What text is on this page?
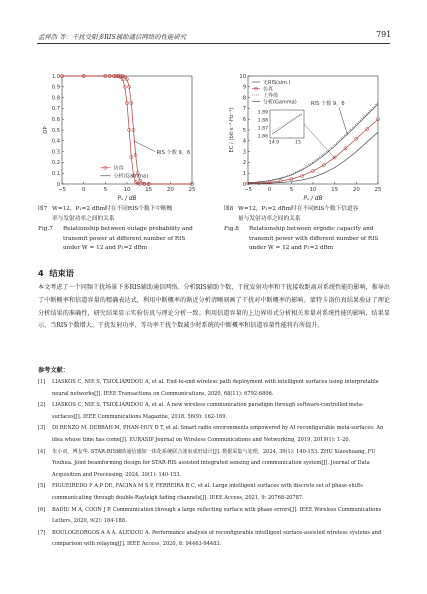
孟祥浩 等：干扰受限多RIS辅助通信网络的性能研究	791
−5	0	5	10	15	20	25
0
0.1
0.2
0.3
0.4
0.5
0.6
0.7
0.8
0.9
1.0
Pₛ / dB
OP
RIS 个数 9，6
仿真
分析(Gamma)
−5	0	5	10	15	20	25
0
1
2
3
4
5
6
7
8
9
10
Pₛ / dB
EC / (bit·s⁻¹·Hz⁻¹)
无RIS(sim.)
仿真
上界值
分析(Gamma)
1.86
1.87
1.88
1.89
14.9	15
RIS 个数 9，6
图7 W=12，P₁=2 dBm时在不同RIS个数下中断概
率与发射功率之间的关系
Fig.7 Relationship between outage probability and
transmit power at different number of RIS
under W = 12 and P₁=2 dBm
图8 W=12，P₁=2 dBm时在不同RIS个数下信道容
量与发射功率之间的关系
Fig.8 Relationship between ergodic capacity and
transmit power with different number of RIS
under W = 12 and P₁=2 dBm
4 结束语
本文考虑了一个同频干扰场景下多RIS辅助通信网络。分析RIS辅助个数、干扰发射功率和干扰接收距离对系统性能的影响，推导出了中断概率和信道容量的精确表达式，利用中断概率的渐近分析清晰刻画了干扰对中断概率的影响。蒙特卡洛仿真结果验证了理论分析结果的准确性，研究结果显示实验仿真与理论分析一致。利用信道容量的上边界形式分析相关参量对系统性能的影响，结果显示，当RIS个数增大、干扰发射功率、等功率干扰个数减少时系统的中断概率和信道容量性能将有所提升。
参考文献：
[1] LIASKOS C, NIE S, TSIOLIARIDOU A, et al. End-to-end wireless path deployment with intelligent surfaces using interpretable neural networks[J]. IEEE Transactions on Communications, 2020, 68(11): 6792-6806.
[2] LIASKOS C, NIE S, TSIOLIARIDOU A, et al. A new wireless communication paradigm through software-controlled meta-surfaces[J]. IEEE Communications Magazine, 2018, 56(9): 162-169.
[3] DI RENZO M, DEBBAH M, PHAN-HUY D T, et al. Smart radio environments empowered by AI reconfigurable meta-surfaces: An idea whose time has come[J]. EURASIP Journal on Wireless Communications and Networking, 2019, 2019(1): 1-20.
[4] 朱小双，傅友华. STAR-RIS辅助通信感知一体化系统联合波束成形设计[J]. 数据采集与处理，2024, 39(1): 140-153. ZHU Xiaoshuang, FU Youhua. Joint beamforming design for STAR-RIS assisted integrated sensing and communication system[J]. Journal of Data Acquisition and Processing, 2024, 39(1): 140-153.
[5] FIGUEIREDO F A P DE, FACINA M S P, FERREIRA R C, et al. Large intelligent surfaces with discrete set of phase-shifts communicating through double-Rayleigh fading channels[J]. IEEE Access, 2021, 9: 20768-20787.
[6] BADIU M A, COON J P. Communication through a large reflecting surface with phase errors[J]. IEEE Wireless Communications Letters, 2020, 9(2): 184-188.
[7] BOULOGEORGOS A A A, ALEXIOU A. Performance analysis of reconfigurable intelligent surface-assisted wireless systems and comparison with relaying[J]. IEEE Access, 2020, 8: 94463-94483.
